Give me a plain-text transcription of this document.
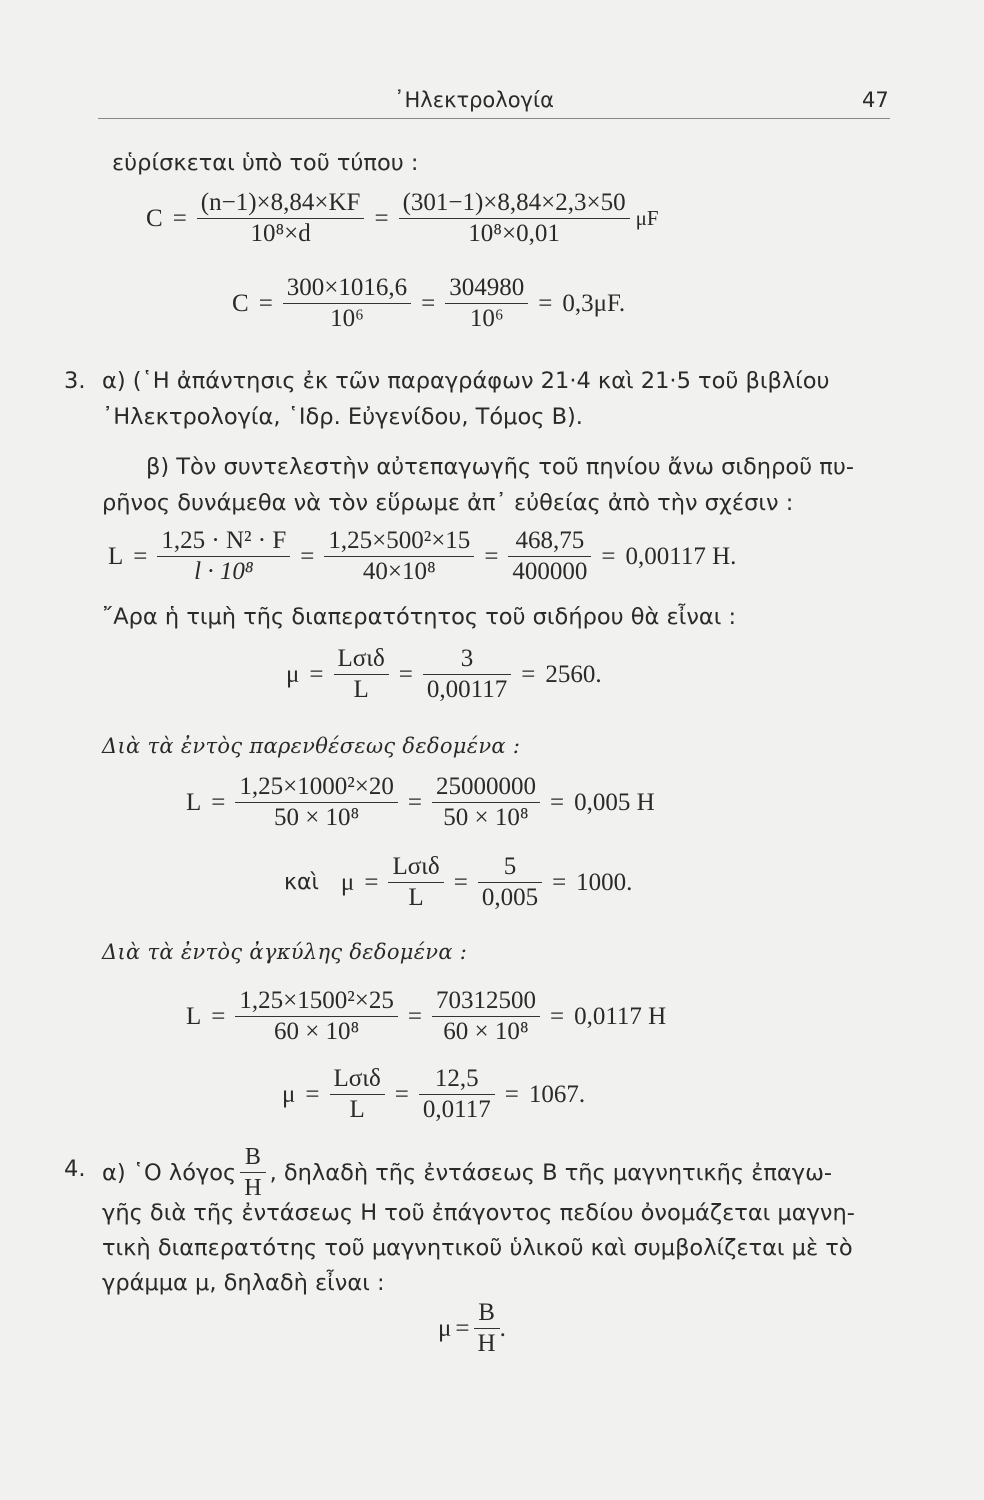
᾿Ηλεκτρολογία	47
εὑρίσκεται ὑπὸ τοῦ τύπου :
$C = \frac{(n-1)\times 8,84\times KF}{\text{10⁸×d}} = \frac{(301-1)\times 8,84\times 2,3\times 50}{\text{10⁸×0,01}}$ μF
$C = \frac{300\times 1016,6}{\text{10⁶}} = \frac{304980}{\text{10⁶}} = 0,3\mu F$.
3. α) (῾Η ἀπάντησις ἐκ τῶν παραγράφων 21·4 καὶ 21·5 τοῦ βιβλίου
᾿Ηλεκτρολογία, ῾Ιδρ. Εὐγενίδου, Τόμος Β).
β) Τὸν συντελεστὴν αὐτεπαγωγῆς τοῦ πηνίου ἄνω σιδηροῦ πυ-
ρῆνος δυνάμεθα νὰ τὸν εὕρωμε ἀπ᾿ εὐθείας ἀπὸ τὴν σχέσιν :
$L = \frac{\text{1,25 · N² · F}}{\text{l · 10⁸}} = \frac{\text{1,25×500²×15}}{\text{40×10⁸}} = \frac{468,75}{400000} = 0,00117$ H.
῎Αρα ἡ τιμὴ τῆς διαπερατότητος τοῦ σιδήρου θὰ εἶναι :
$\mu = \frac{\text{Lσιδ}}{L} = \frac{3}{0,00117} = 2560$.
Διὰ τὰ ἐντὸς παρενθέσεως δεδομένα :
$L = \frac{\text{1,25×1000²×20}}{\text{50 × 10⁸}} = \frac{25000000}{\text{50 × 10⁸}} = 0,005$ H
καὶ $\mu = \frac{\text{Lσιδ}}{L} = \frac{5}{0,005} = 1000$.
Διὰ τὰ ἐντὸς ἀγκύλης δεδομένα :
$L = \frac{\text{1,25×1500²×25}}{\text{60 × 10⁸}} = \frac{70312500}{\text{60 × 10⁸}} = 0,0117$ H
$\mu = \frac{\text{Lσιδ}}{L} = \frac{12,5}{0,0117} = 1067$.
4. α) ῾Ο λόγος $\frac{B}{H}$ , δηλαδὴ τῆς ἐντάσεως Β τῆς μαγνητικῆς ἐπαγω-
γῆς διὰ τῆς ἐντάσεως Η τοῦ ἐπάγοντος πεδίου ὀνομάζεται μαγνη-
τικὴ διαπερατότης τοῦ μαγνητικοῦ ὑλικοῦ καὶ συμβολίζεται μὲ τὸ
γράμμα μ, δηλαδὴ εἶναι :
$\mu = \frac{B}{H}$ .
